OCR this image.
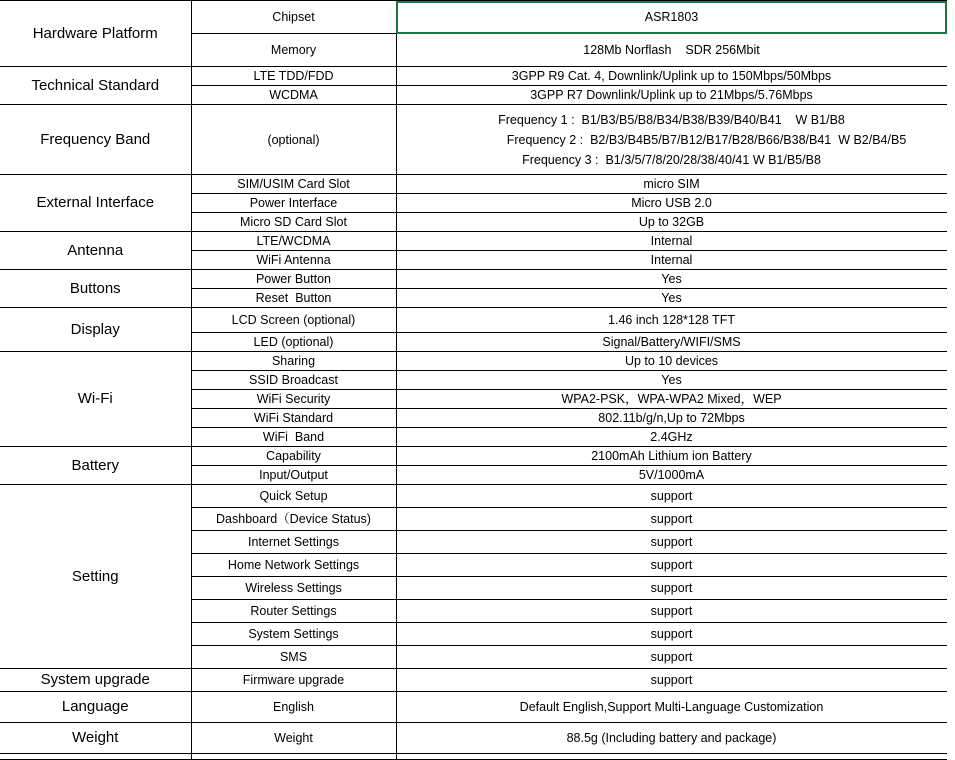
Hardware Platform	Chipset	ASR1803
	Memory	128Mb Norflash    SDR 256Mbit
Technical Standard	LTE TDD/FDD	3GPP R9 Cat. 4, Downlink/Uplink up to 150Mbps/50Mbps
	WCDMA	3GPP R7 Downlink/Uplink up to 21Mbps/5.76Mbps
Frequency Band	(optional)	Frequency 1 :  B1/B3/B5/B8/B34/B38/B39/B40/B41    W B1/B8
Frequency 2 :  B2/B3/B4B5/B7/B12/B17/B28/B66/B38/B41  W B2/B4/B5
Frequency 3 :  B1/3/5/7/8/20/28/38/40/41 W B1/B5/B8

External Interface	SIM/USIM Card Slot	micro SIM
	Power Interface	Micro USB 2.0
	Micro SD Card Slot	Up to 32GB
Antenna	LTE/WCDMA	Internal
	WiFi Antenna	Internal
Buttons	Power Button	Yes
	Reset  Button	Yes
Display	LCD Screen (optional)	1.46 inch 128*128 TFT
	LED (optional)	Signal/Battery/WIFI/SMS
Wi-Fi	Sharing	Up to 10 devices
	SSID Broadcast	Yes
	WiFi Security	WPA2-PSK，WPA-WPA2 Mixed，WEP
	WiFi Standard	802.11b/g/n,Up to 72Mbps
	WiFi  Band	2.4GHz
Battery	Capability	2100mAh Lithium ion Battery
	Input/Output	5V/1000mA
Setting	Quick Setup	support
	Dashboard（Device Status)	support
	Internet Settings	support
	Home Network Settings	support
	Wireless Settings	support
	Router Settings	support
	System Settings	support
	SMS	support
System upgrade	Firmware upgrade	support
Language	English	Default English,Support Multi-Language Customization
Weight	Weight	88.5g (Including battery and package)
